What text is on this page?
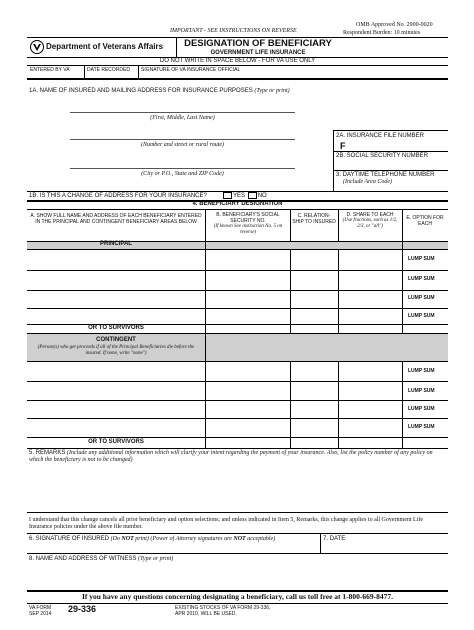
IMPORTANT - SEE INSTRUCTIONS ON REVERSE
OMB Approved No. 2900-0020
Respondent Burden: 10 minutes
Department of Veterans Affairs	DESIGNATION OF BENEFICIARY
GOVERNMENT LIFE INSURANCE
DO NOT WRITE IN SPACE BELOW - FOR VA USE ONLY
ENTERED BY VA	DATE RECORDED SIGNATURE OF VA INSURANCE OFFICIAL
1A. NAME OF INSURED AND MAILING ADDRESS FOR INSURANCE PURPOSES (Type or print)
(First, Middle, Last Name)
(Number and street or rural route)
(City or P.O., State and ZIP Code)
2A. INSURANCE FILE NUMBER
F
2B. SOCIAL SECURITY NUMBER
3. DAYTIME TELEPHONE NUMBER
(Include Area Code)
1B. IS THIS A CHANGE OF ADDRESS FOR YOUR INSURANCE?	YES NO
4. BENEFICIARY DESIGNATION
A. SHOW FULL NAME AND ADDRESS OF EACH BENEFICIARY ENTERED IN THE PRINCIPAL AND CONTINGENT BENEFICIARY AREAS BELOW
B. BENEFICIARY'S SOCIAL SECURITY NO.
(If known See instruction No. 5 on reverse)
C. RELATION-SHIP TO INSURED
D. SHARE TO EACH
(Use fractions, such as 1/2, 2/3, or "all")
E. OPTION FOR EACH
PRINCIPAL
LUMP SUM
LUMP SUM
LUMP SUM
LUMP SUM
OR TO SURVIVORS
CONTINGENT
(Person(s) who get proceeds if all of the Principal Beneficiaries die before the insured. If none, write "none")
LUMP SUM
LUMP SUM
LUMP SUM
LUMP SUM
OR TO SURVIVORS
5. REMARKS (Include any additional information which will clarify your intent regarding the payment of your insurance. Also, list the policy number of any policy on which the beneficiary is not to be changed)
I understand that this change cancels all prior beneficiary and option selections; and unless indicated in Item 5, Remarks, this change applies to all Government Life Insurance policies under the above file number.
6. SIGNATURE OF INSURED (Do NOT print) (Power of Attorney signatures are NOT acceptable)	7. DATE
8. NAME AND ADDRESS OF WITNESS (Type or print)
If you have any questions concerning designating a beneficiary, call us toll free at 1-800-669-8477.
VA FORM
SEP 2014 29-336	EXISTING STOCKS OF VA FORM 29-336,
APR 2010, WILL BE USED.
